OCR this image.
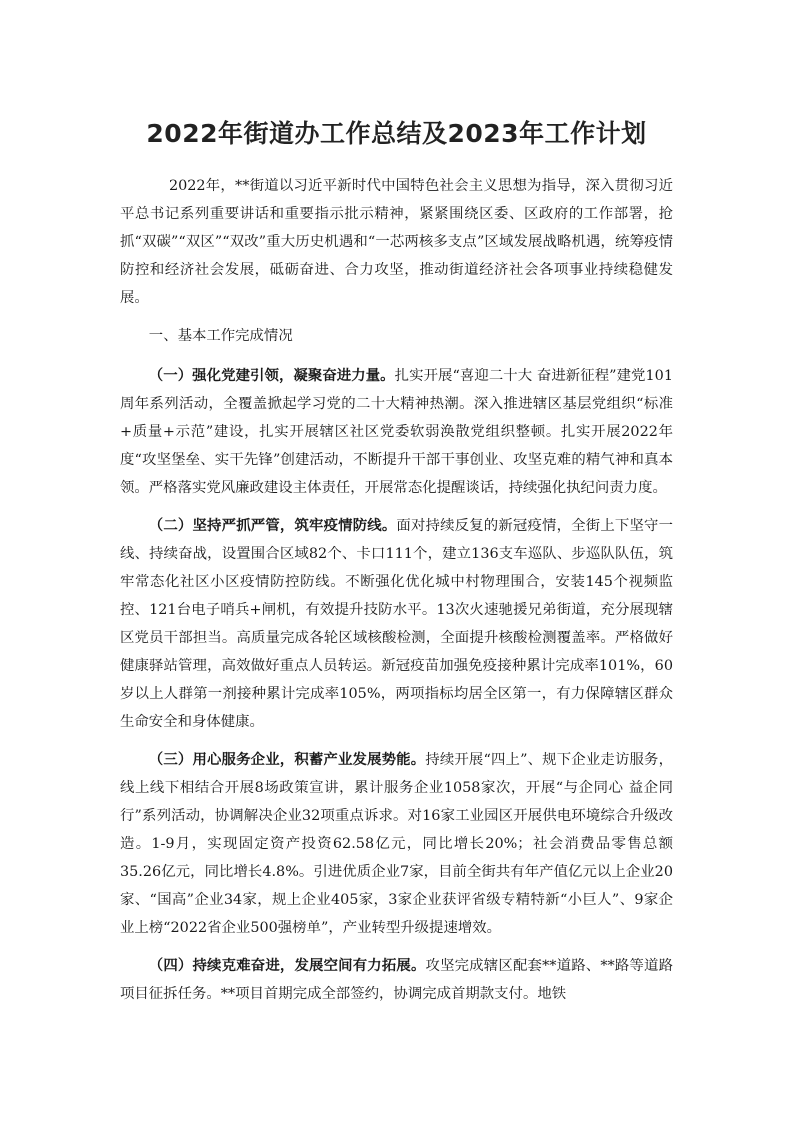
2022年街道办工作总结及2023年工作计划

2022年，**街道以习近平新时代中国特色社会主义思想为指导，深入贯彻习近平总书记系列重要讲话和重要指示批示精神，紧紧围绕区委、区政府的工作部署，抢抓“双碳”“双区”“双改”重大历史机遇和“一芯两核多支点”区域发展战略机遇，统筹疫情防控和经济社会发展，砥砺奋进、合力攻坚，推动街道经济社会各项事业持续稳健发展。

一、基本工作完成情况

（一）强化党建引领，凝聚奋进力量。扎实开展“喜迎二十大 奋进新征程”建党101周年系列活动，全覆盖掀起学习党的二十大精神热潮。深入推进辖区基层党组织“标准+质量+示范”建设，扎实开展辖区社区党委软弱涣散党组织整顿。扎实开展2022年度“攻坚堡垒、实干先锋”创建活动，不断提升干部干事创业、攻坚克难的精气神和真本领。严格落实党风廉政建设主体责任，开展常态化提醒谈话，持续强化执纪问责力度。

（二）坚持严抓严管，筑牢疫情防线。面对持续反复的新冠疫情，全街上下坚守一线、持续奋战，设置围合区域82个、卡口111个，建立136支车巡队、步巡队队伍，筑牢常态化社区小区疫情防控防线。不断强化优化城中村物理围合，安装145个视频监控、121台电子哨兵+闸机，有效提升技防水平。13次火速驰援兄弟街道，充分展现辖区党员干部担当。高质量完成各轮区域核酸检测，全面提升核酸检测覆盖率。严格做好健康驿站管理，高效做好重点人员转运。新冠疫苗加强免疫接种累计完成率101%，60岁以上人群第一剂接种累计完成率105%，两项指标均居全区第一，有力保障辖区群众生命安全和身体健康。

（三）用心服务企业，积蓄产业发展势能。持续开展“四上”、规下企业走访服务，线上线下相结合开展8场政策宣讲，累计服务企业1058家次，开展“与企同心 益企同行”系列活动，协调解决企业32项重点诉求。对16家工业园区开展供电环境综合升级改造。1-9月，实现固定资产投资62.58亿元，同比增长20%；社会消费品零售总额35.26亿元，同比增长4.8%。引进优质企业7家，目前全街共有年产值亿元以上企业20家、“国高”企业34家，规上企业405家，3家企业获评省级专精特新“小巨人”、9家企业上榜“2022省企业500强榜单”，产业转型升级提速增效。

（四）持续克难奋进，发展空间有力拓展。攻坚完成辖区配套**道路、**路等道路项目征拆任务。**项目首期完成全部签约，协调完成首期款支付。地铁
